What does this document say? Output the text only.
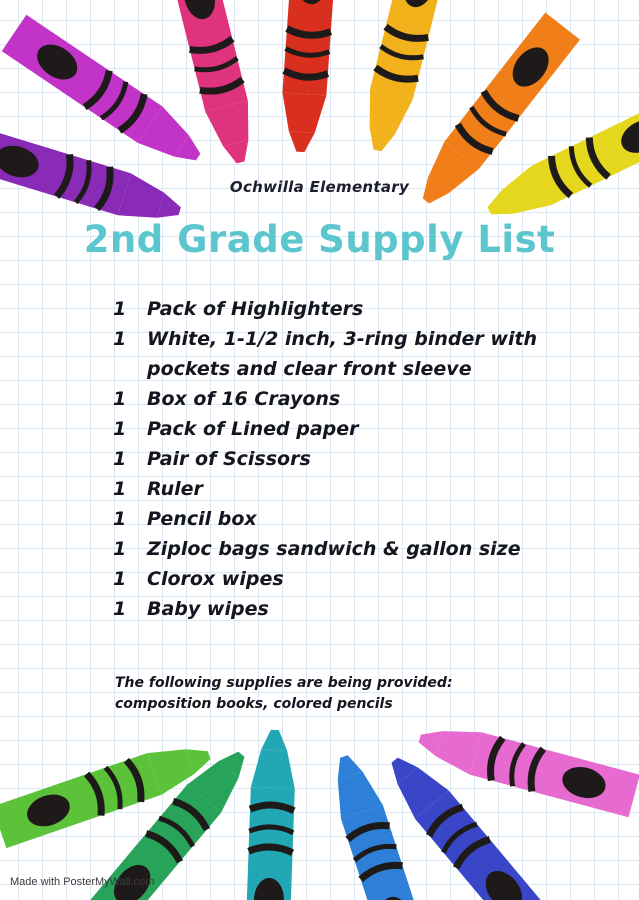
Ochwilla Elementary
2nd Grade Supply List
1	Pack of Highlighters
1	White, 1-1/2 inch, 3-ring binder with pockets and clear front sleeve
1	Box of 16 Crayons
1	Pack of Lined paper
1	Pair of Scissors
1	Ruler
1	Pencil box
1	Ziploc bags sandwich & gallon size
1	Clorox wipes
1	Baby wipes
The following supplies are being provided:
composition books, colored pencils
Made with PosterMyWall.com
